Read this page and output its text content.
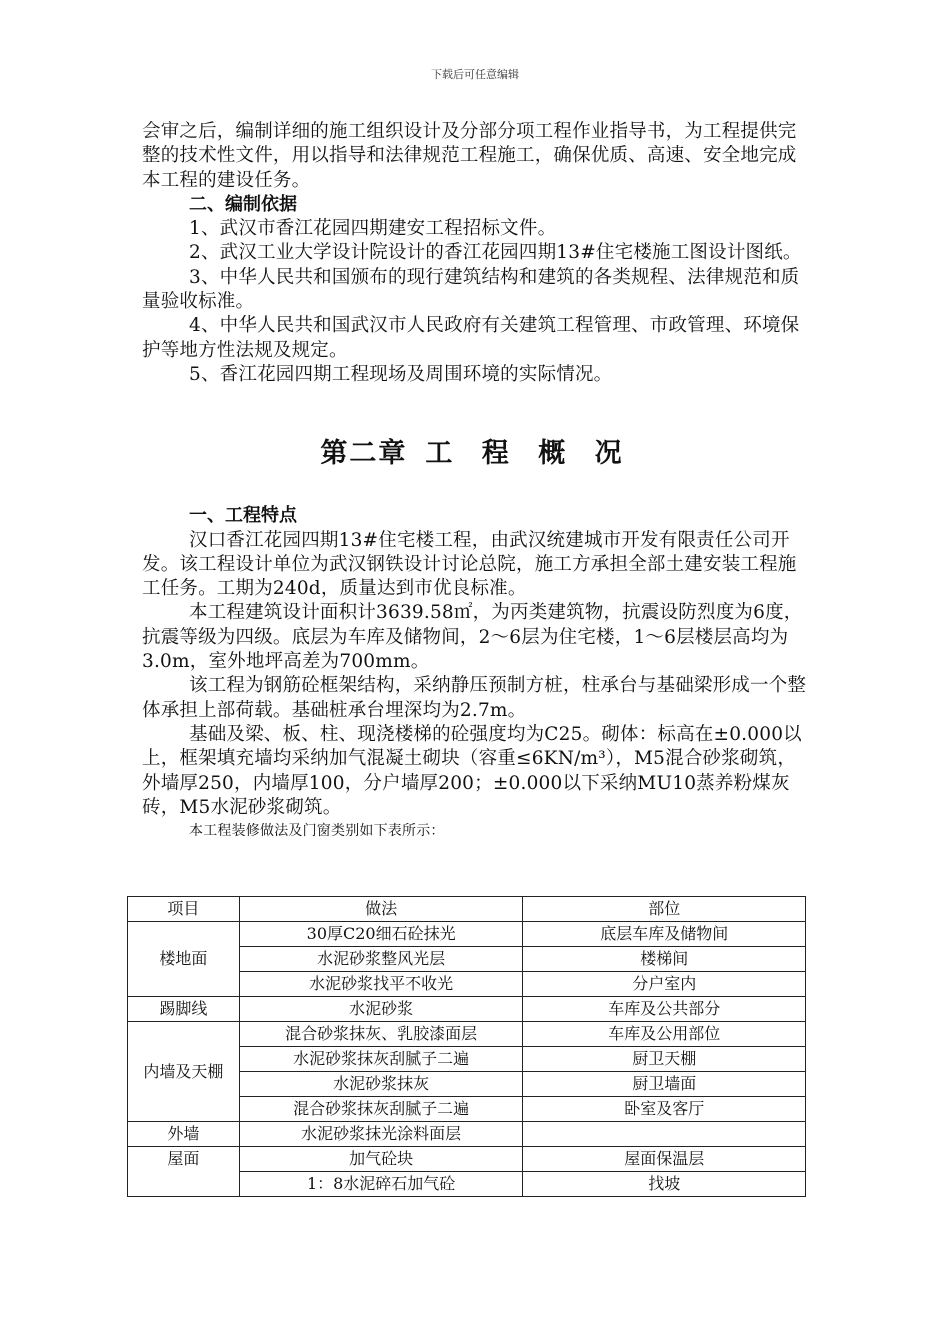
下载后可任意编辑

会审之后，编制详细的施工组织设计及分部分项工程作业指导书，为工程提供完整的技术性文件，用以指导和法律规范工程施工，确保优质、高速、安全地完成本工程的建设任务。

二、编制依据

1、武汉市香江花园四期建安工程招标文件。

2、武汉工业大学设计院设计的香江花园四期13#住宅楼施工图设计图纸。

3、中华人民共和国颁布的现行建筑结构和建筑的各类规程、法律规范和质量验收标准。

4、中华人民共和国武汉市人民政府有关建筑工程管理、市政管理、环境保护等地方性法规及规定。

5、香江花园四期工程现场及周围环境的实际情况。

第二章 工 程 概 况
一、工程特点

汉口香江花园四期13#住宅楼工程，由武汉统建城市开发有限责任公司开发。该工程设计单位为武汉钢铁设计讨论总院，施工方承担全部土建安装工程施工任务。工期为240d，质量达到市优良标准。

本工程建筑设计面积计3639.58㎡，为丙类建筑物，抗震设防烈度为6度，抗震等级为四级。底层为车库及储物间，2～6层为住宅楼，1～6层楼层高均为3.0m，室外地坪高差为700mm。

该工程为钢筋砼框架结构，采纳静压预制方桩，柱承台与基础梁形成一个整体承担上部荷载。基础桩承台埋深均为2.7m。

基础及梁、板、柱、现浇楼梯的砼强度均为C25。砌体：标高在±0.000以上，框架填充墙均采纳加气混凝土砌块（容重≤6KN/m³），M5混合砂浆砌筑，外墙厚250，内墙厚100，分户墙厚200；±0.000以下采纳MU10蒸养粉煤灰砖，M5水泥砂浆砌筑。

本工程装修做法及门窗类别如下表所示：

项目	做法	部位
楼地面	30厚C20细石砼抹光	底层车库及储物间
	水泥砂浆整风光层	楼梯间
	水泥砂浆找平不收光	分户室内
踢脚线	水泥砂浆	车库及公共部分
内墙及天棚	混合砂浆抹灰、乳胶漆面层	车库及公用部位
	水泥砂浆抹灰刮腻子二遍	厨卫天棚
	水泥砂浆抹灰	厨卫墙面
	混合砂浆抹灰刮腻子二遍	卧室及客厅
外墙	水泥砂浆抹光涂料面层	
屋面	加气砼块	屋面保温层
	1：8水泥碎石加气砼	找坡
